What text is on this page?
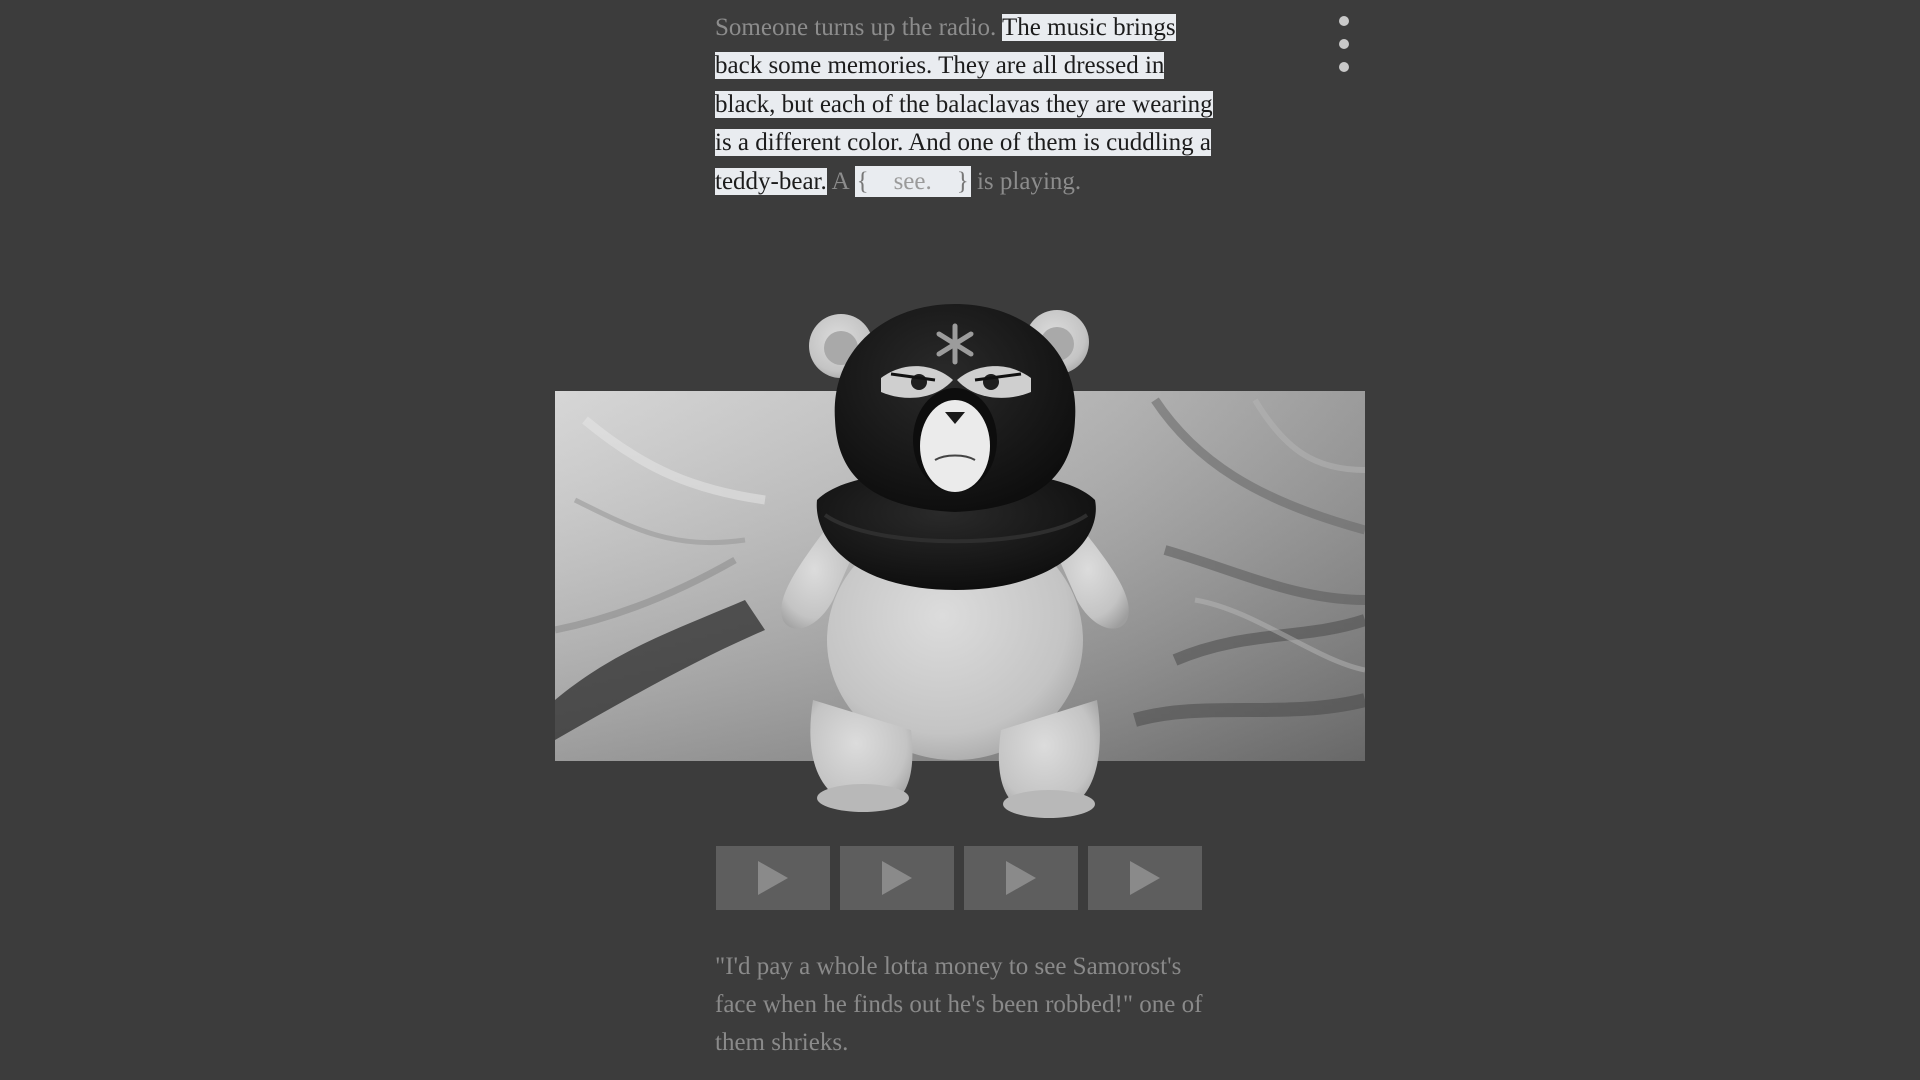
Someone turns up the radio. The music brings back some memories. They are all dressed in black, but each of the balaclavas they are wearing is a different color. And one of them is cuddling a teddy-bear. A {    see.    } is playing.
"I'd pay a whole lotta money to see Samorost's face when he finds out he's been robbed!" one of them shrieks.
